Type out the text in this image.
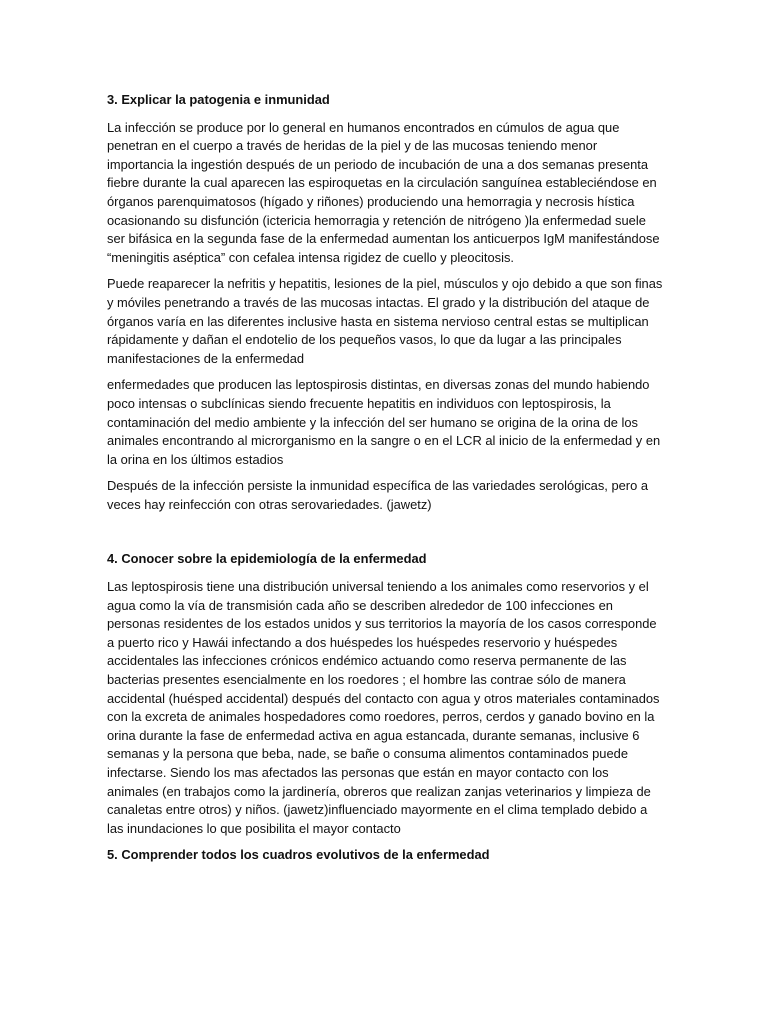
3. Explicar la patogenia e inmunidad

La infección se produce por lo general en humanos encontrados en cúmulos de agua que penetran en el cuerpo a través de heridas de la piel y de las mucosas teniendo menor importancia la ingestión después de un periodo de incubación de una a dos semanas presenta fiebre durante la cual aparecen las espiroquetas en la circulación sanguínea estableciéndose en órganos parenquimatosos (hígado y riñones) produciendo una hemorragia y necrosis hística ocasionando su disfunción (ictericia hemorragia y retención de nitrógeno )la enfermedad suele ser bifásica en la segunda fase de la enfermedad aumentan los anticuerpos IgM manifestándose “meningitis aséptica” con cefalea intensa rigidez de cuello y pleocitosis.

Puede reaparecer la nefritis y hepatitis, lesiones de la piel, músculos y ojo debido a que son finas y móviles penetrando a través de las mucosas intactas. El grado y la distribución del ataque de órganos varía en las diferentes inclusive hasta en sistema nervioso central estas se multiplican rápidamente y dañan el endotelio de los pequeños vasos, lo que da lugar a las principales manifestaciones de la enfermedad

enfermedades que producen las leptospirosis distintas, en diversas zonas del mundo habiendo poco intensas o subclínicas siendo frecuente hepatitis en individuos con leptospirosis, la contaminación del medio ambiente y la infección del ser humano se origina de la orina de los animales encontrando al microrganismo en la sangre o en el LCR al inicio de la enfermedad y en la orina en los últimos estadios

Después de la infección persiste la inmunidad específica de las variedades serológicas, pero a veces hay reinfección con otras serovariedades. (jawetz)

4. Conocer sobre la epidemiología de la enfermedad

Las leptospirosis tiene una distribución universal teniendo a los animales como reservorios y el agua como la vía de transmisión cada año se describen alrededor de 100 infecciones en personas residentes de los estados unidos y sus territorios la mayoría de los casos corresponde a puerto rico y Hawái infectando a dos huéspedes los huéspedes reservorio y huéspedes accidentales las infecciones crónicos endémico actuando como reserva permanente de las bacterias presentes esencialmente en los roedores ; el hombre las contrae sólo de manera accidental (huésped accidental) después del contacto con agua y otros materiales contaminados con la excreta de animales hospedadores como roedores, perros, cerdos y ganado bovino en la orina durante la fase de enfermedad activa en agua estancada, durante semanas, inclusive 6 semanas y la persona que beba, nade, se bañe o consuma alimentos contaminados puede infectarse. Siendo los mas afectados las personas que están en mayor contacto con los animales (en trabajos como la jardinería, obreros que realizan zanjas veterinarios y limpieza de canaletas entre otros) y niños. (jawetz)influenciado mayormente en el clima templado debido a las inundaciones lo que posibilita el mayor contacto

5. Comprender todos los cuadros evolutivos de la enfermedad
